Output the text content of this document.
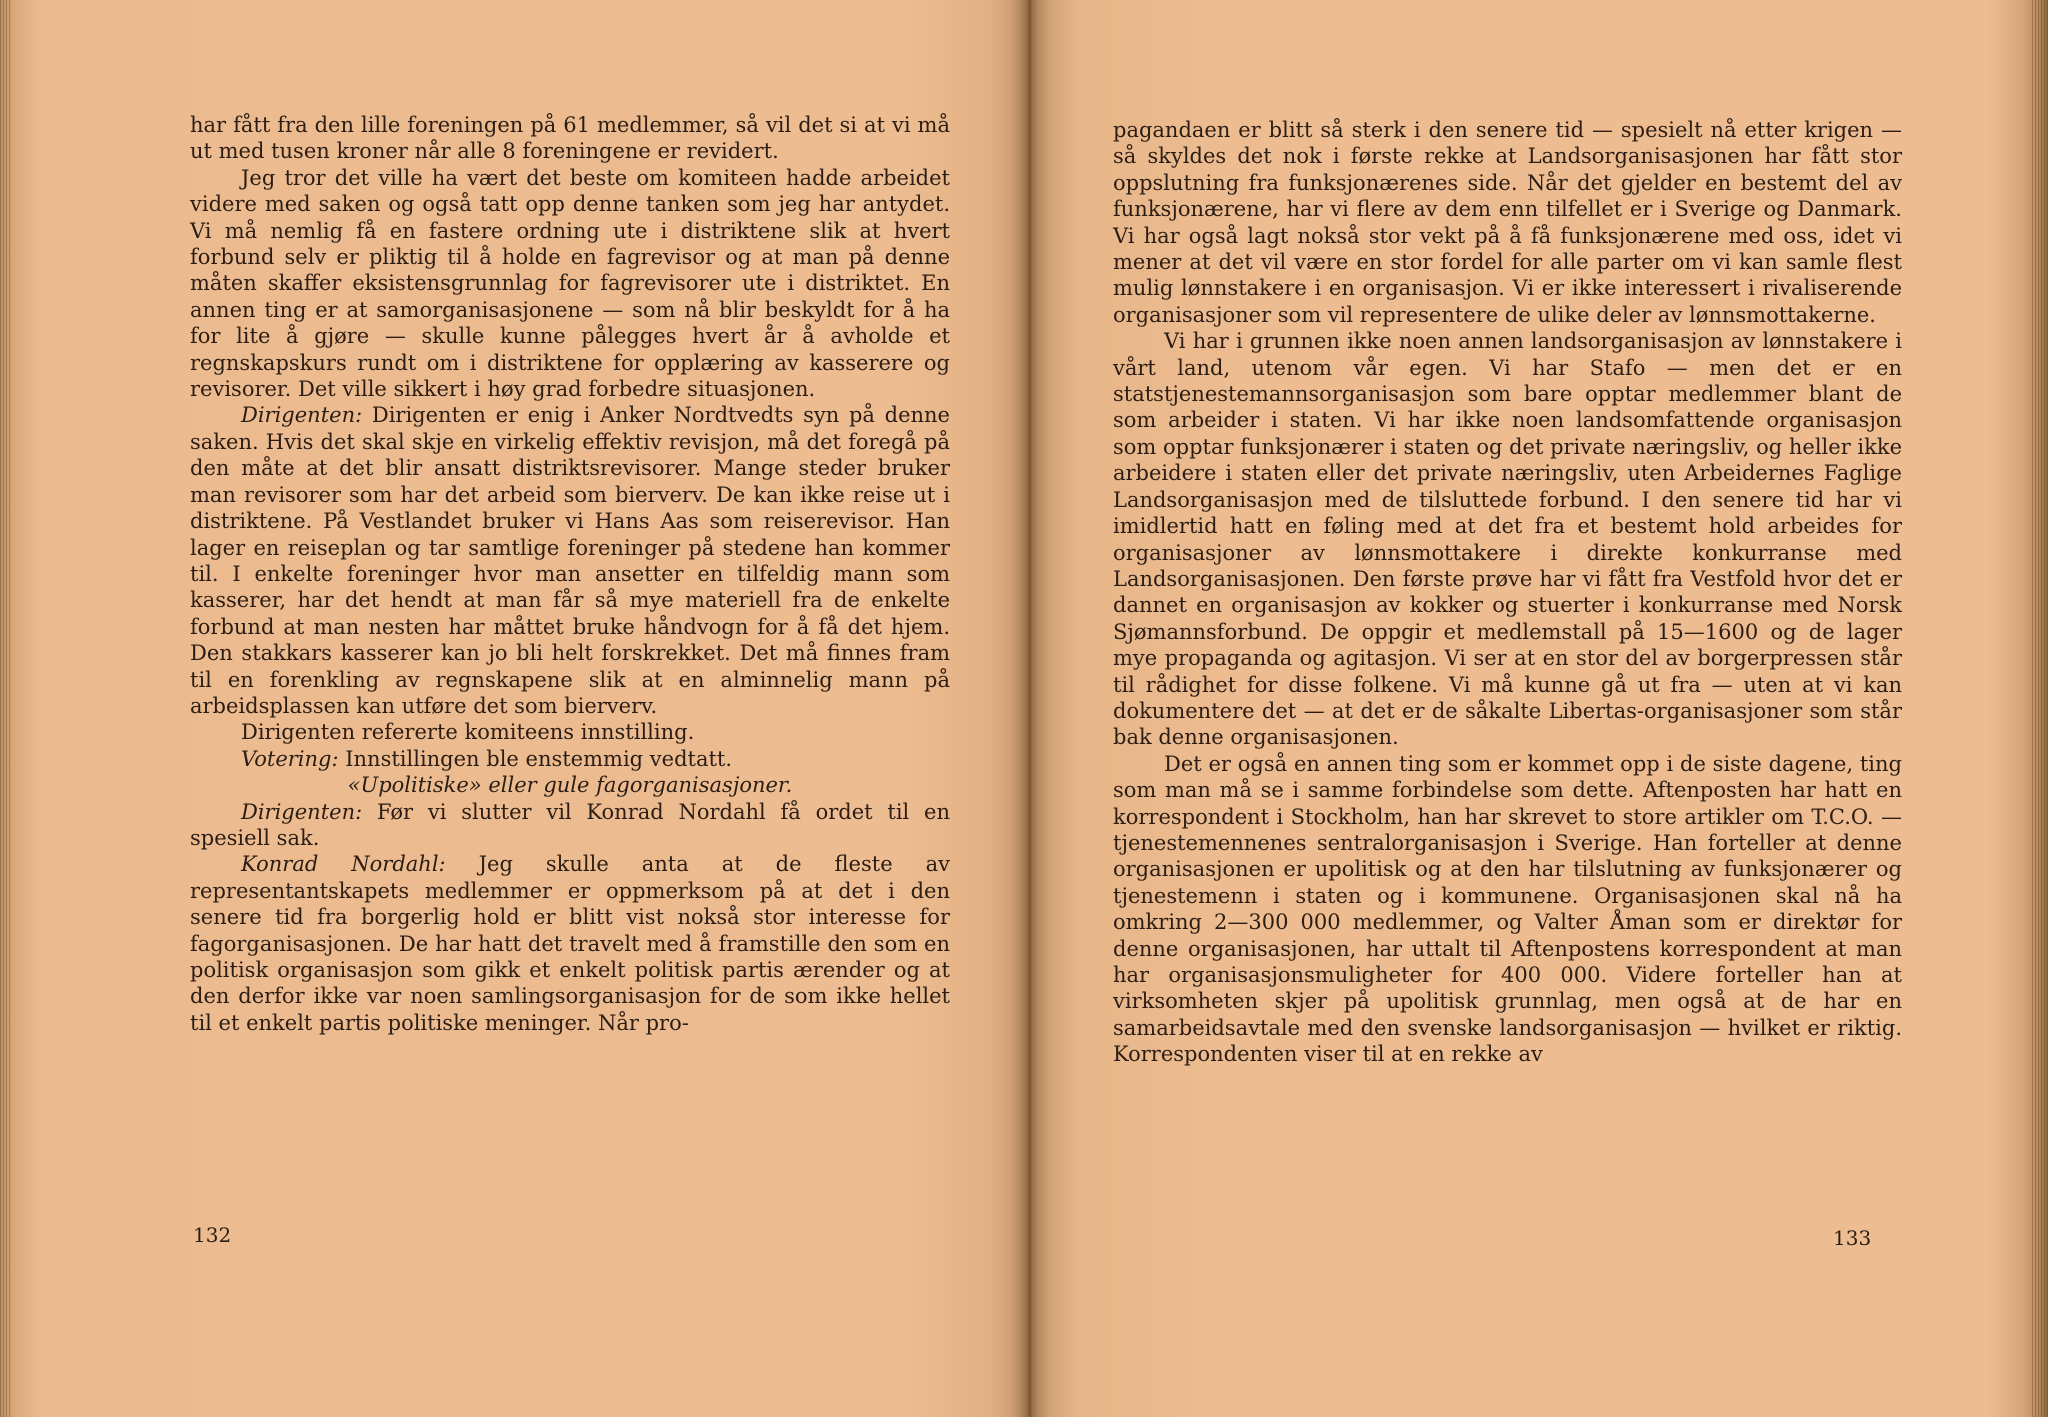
har fått fra den lille foreningen på 61 medlemmer, så vil det si at vi må ut med tusen kroner når alle 8 foreningene er revidert.

Jeg tror det ville ha vært det beste om komiteen hadde arbeidet videre med saken og også tatt opp denne tanken som jeg har antydet. Vi må nemlig få en fastere ordning ute i distriktene slik at hvert forbund selv er pliktig til å holde en fagrevisor og at man på denne måten skaffer eksistensgrunnlag for fagrevisorer ute i distriktet. En annen ting er at samorganisasjonene — som nå blir beskyldt for å ha for lite å gjøre — skulle kunne pålegges hvert år å avholde et regnskapskurs rundt om i distriktene for opplæring av kasserere og revisorer. Det ville sikkert i høy grad forbedre situasjonen.

Dirigenten: Dirigenten er enig i Anker Nordtvedts syn på denne saken. Hvis det skal skje en virkelig effektiv revisjon, må det foregå på den måte at det blir ansatt distriktsrevisorer. Mange steder bruker man revisorer som har det arbeid som bierverv. De kan ikke reise ut i distriktene. På Vestlandet bruker vi Hans Aas som reiserevisor. Han lager en reiseplan og tar samtlige foreninger på stedene han kommer til. I enkelte foreninger hvor man ansetter en tilfeldig mann som kasserer, har det hendt at man får så mye materiell fra de enkelte forbund at man nesten har måttet bruke håndvogn for å få det hjem. Den stakkars kasserer kan jo bli helt forskrekket. Det må finnes fram til en forenkling av regnskapene slik at en alminnelig mann på arbeidsplassen kan utføre det som bierverv.

Dirigenten refererte komiteens innstilling.

Votering: Innstillingen ble enstemmig vedtatt.

«Upolitiske» eller gule fagorganisasjoner.

Dirigenten: Før vi slutter vil Konrad Nordahl få ordet til en spesiell sak.

Konrad Nordahl: Jeg skulle anta at de fleste av representantskapets medlemmer er oppmerksom på at det i den senere tid fra borgerlig hold er blitt vist nokså stor interesse for fagorganisasjonen. De har hatt det travelt med å framstille den som en politisk organisasjon som gikk et enkelt politisk partis ærender og at den derfor ikke var noen samlingsorganisasjon for de som ikke hellet til et enkelt partis politiske meninger. Når pro-

132

pagandaen er blitt så sterk i den senere tid — spesielt nå etter krigen — så skyldes det nok i første rekke at Landsorganisasjonen har fått stor oppslutning fra funksjonærenes side. Når det gjelder en bestemt del av funksjonærene, har vi flere av dem enn tilfellet er i Sverige og Danmark. Vi har også lagt nokså stor vekt på å få funksjonærene med oss, idet vi mener at det vil være en stor fordel for alle parter om vi kan samle flest mulig lønnstakere i en organisasjon. Vi er ikke interessert i rivaliserende organisasjoner som vil representere de ulike deler av lønnsmottakerne.

Vi har i grunnen ikke noen annen landsorganisasjon av lønnstakere i vårt land, utenom vår egen. Vi har Stafo — men det er en statstjenestemannsorganisasjon som bare opptar medlemmer blant de som arbeider i staten. Vi har ikke noen landsomfattende organisasjon som opptar funksjonærer i staten og det private næringsliv, og heller ikke arbeidere i staten eller det private næringsliv, uten Arbeidernes Faglige Landsorganisasjon med de tilsluttede forbund. I den senere tid har vi imidlertid hatt en føling med at det fra et bestemt hold arbeides for organisasjoner av lønnsmottakere i direkte konkurranse med Landsorganisasjonen. Den første prøve har vi fått fra Vestfold hvor det er dannet en organisasjon av kokker og stuerter i konkurranse med Norsk Sjømannsforbund. De oppgir et medlemstall på 15—1600 og de lager mye propaganda og agitasjon. Vi ser at en stor del av borgerpressen står til rådighet for disse folkene. Vi må kunne gå ut fra — uten at vi kan dokumentere det — at det er de såkalte Libertas-organisasjoner som står bak denne organisasjonen.

Det er også en annen ting som er kommet opp i de siste dagene, ting som man må se i samme forbindelse som dette. Aftenposten har hatt en korrespondent i Stockholm, han har skrevet to store artikler om T.C.O. — tjenestemennenes sentralorganisasjon i Sverige. Han forteller at denne organisasjonen er upolitisk og at den har tilslutning av funksjonærer og tjenestemenn i staten og i kommunene. Organisasjonen skal nå ha omkring 2—300 000 medlemmer, og Valter Åman som er direktør for denne organisasjonen, har uttalt til Aftenpostens korrespondent at man har organisasjonsmuligheter for 400 000. Videre forteller han at virksomheten skjer på upolitisk grunnlag, men også at de har en samarbeidsavtale med den svenske landsorganisasjon — hvilket er riktig. Korrespondenten viser til at en rekke av

133
